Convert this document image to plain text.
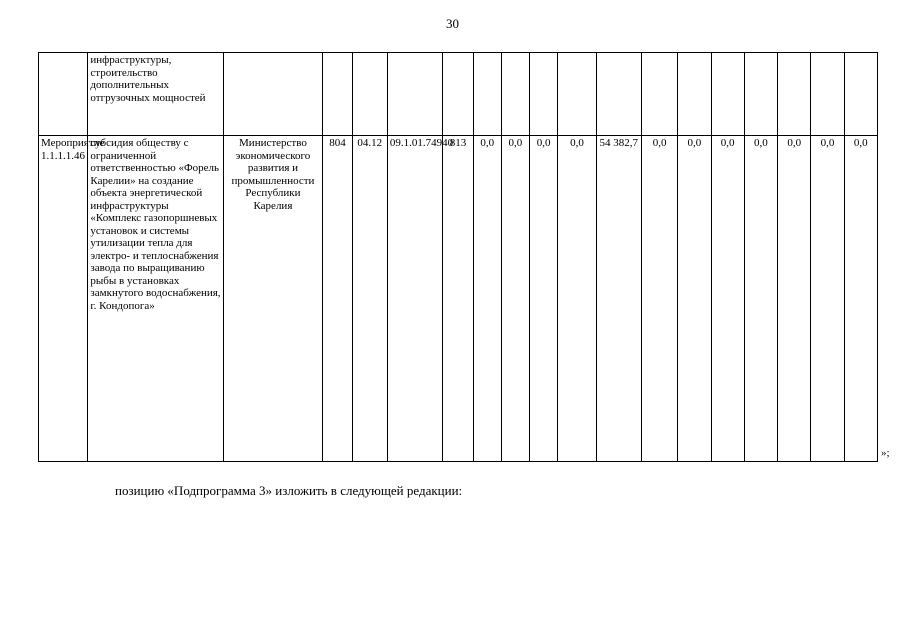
30
	инфраструктуры, строительство дополнительных отгрузочных мощностей																	
Мероприятие 1.1.1.1.46	субсидия обществу с ограниченной ответственностью «Форель Карелии» на создание объекта энергетической инфраструктуры «Комплекс газопоршневых установок и системы утилизации тепла для электро- и теплоснабжения завода по выращиванию рыбы в установках замкнутого водоснабжения, г. Кондопога»	Министерство экономического развития и промышленности Республики Карелия	804	04.12	09.1.01.74940	813	0,0	0,0	0,0	0,0	54 382,7	0,0	0,0	0,0	0,0	0,0	0,0	0,0
»;
позицию «Подпрограмма 3» изложить в следующей редакции:
